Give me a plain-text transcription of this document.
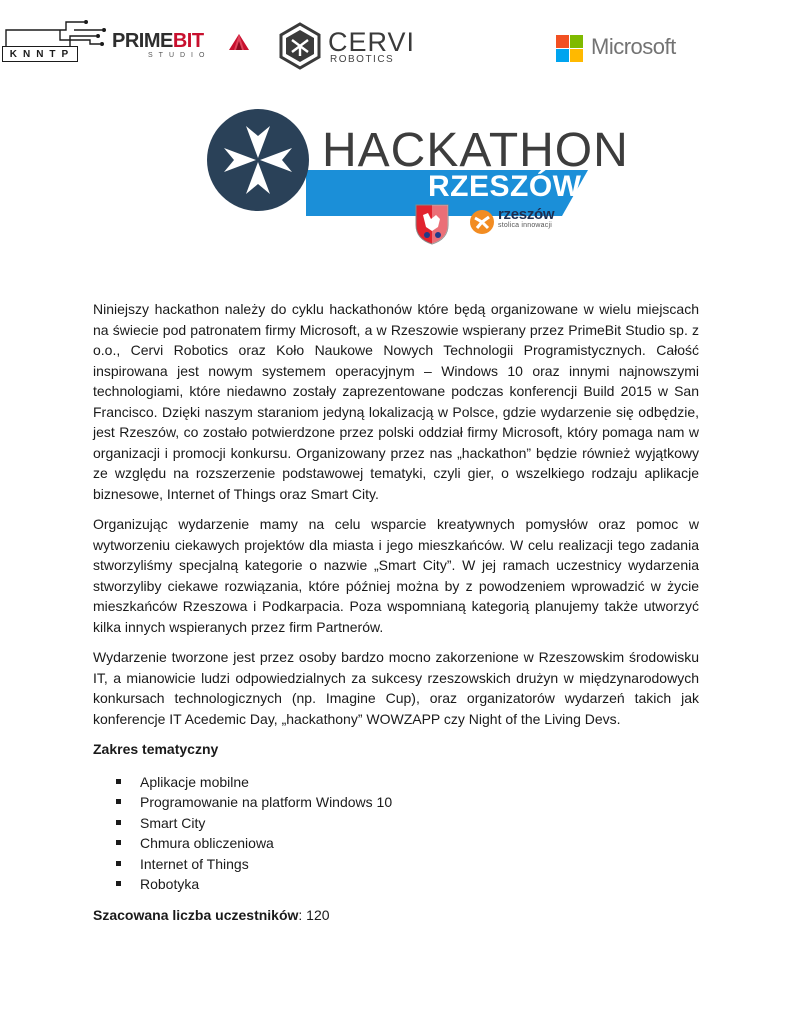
PRIMEBIT
STUDIO	CERVI
ROBOTICS
KNNTP	Microsoft
HACKATHON
RZESZÓW
rzeszów
stolica innowacji

Niniejszy hackathon należy do cyklu hackathonów które będą organizowane w wielu miejscach na świecie pod patronatem firmy Microsoft, a w Rzeszowie wspierany przez PrimeBit Studio sp. z o.o., Cervi Robotics oraz Koło Naukowe Nowych Technologii Programistycznych. Całość inspirowana jest nowym systemem operacyjnym – Windows 10 oraz innymi najnowszymi technologiami, które niedawno zostały zaprezentowane podczas konferencji Build 2015 w San Francisco. Dzięki naszym staraniom jedyną lokalizacją w Polsce, gdzie wydarzenie się odbędzie, jest Rzeszów, co zostało potwierdzone przez polski oddział firmy Microsoft, który pomaga nam w organizacji i promocji konkursu. Organizowany przez nas „hackathon” będzie również wyjątkowy ze względu na rozszerzenie podstawowej tematyki, czyli gier, o wszelkiego rodzaju aplikacje biznesowe, Internet of Things oraz Smart City.

Organizując wydarzenie mamy na celu wsparcie kreatywnych pomysłów oraz pomoc w wytworzeniu ciekawych projektów dla miasta i jego mieszkańców. W celu realizacji tego zadania stworzyliśmy specjalną kategorie o nazwie „Smart City”. W jej ramach uczestnicy wydarzenia stworzyliby ciekawe rozwiązania, które później można by z powodzeniem wprowadzić w życie mieszkańców Rzeszowa i Podkarpacia. Poza wspomnianą kategorią planujemy także utworzyć kilka innych wspieranych przez firm Partnerów.

Wydarzenie tworzone jest przez osoby bardzo mocno zakorzenione w Rzeszowskim środowisku IT, a mianowicie ludzi odpowiedzialnych za sukcesy rzeszowskich drużyn w międzynarodowych konkursach technologicznych (np. Imagine Cup), oraz organizatorów wydarzeń takich jak konferencje IT Acedemic Day, „hackathony” WOWZAPP czy Night of the Living Devs.

Zakres tematyczny
Aplikacje mobilne
Programowanie na platform Windows 10
Smart City
Chmura obliczeniowa
Internet of Things
Robotyka

Szacowana liczba uczestników: 120
